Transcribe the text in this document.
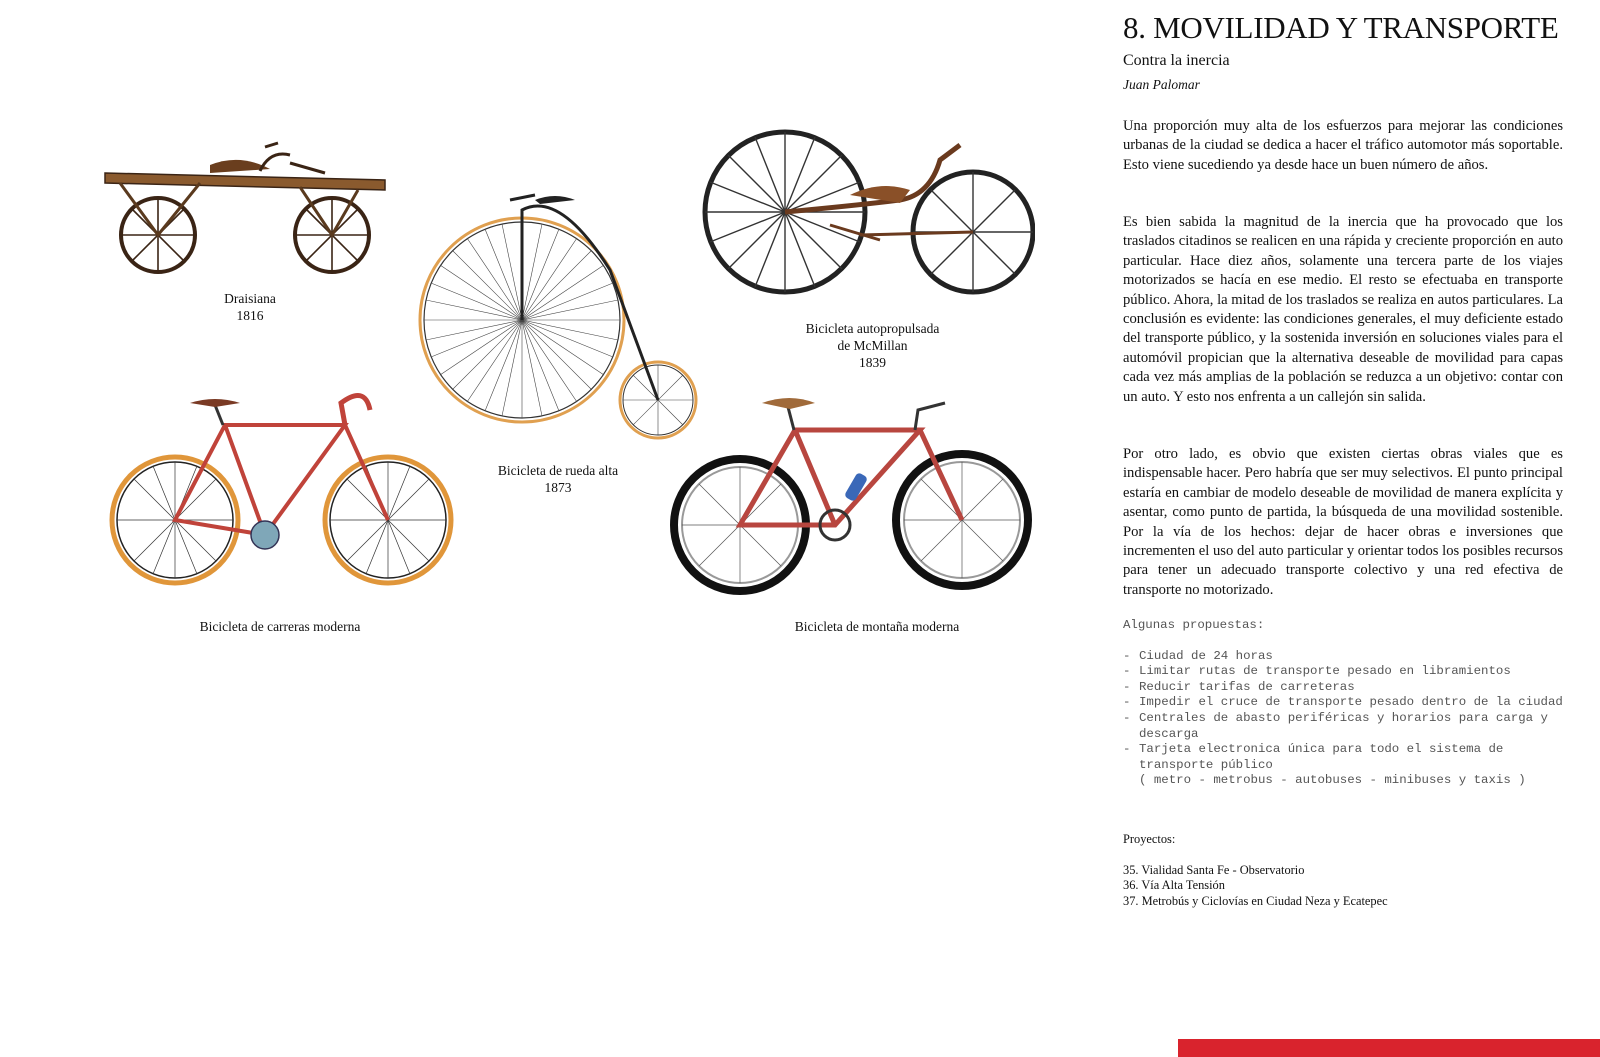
Draisiana
1816
Bicicleta de rueda alta
1873
Bicicleta autopropulsada
de McMillan
1839
Bicicleta de carreras moderna	Bicicleta de montaña moderna
8. MOVILIDAD Y TRANSPORTE
Contra la inercia
Juan Palomar

Una proporción muy alta de los esfuerzos para mejorar las condiciones urbanas de la ciudad se dedica a hacer el tráfico automotor más soportable. Esto viene sucediendo ya desde hace un buen número de años.

Es bien sabida la magnitud de la inercia que ha provocado que los traslados citadinos se realicen en una rápida y creciente proporción en auto particular. Hace diez años, solamente una tercera parte de los viajes motorizados se hacía en ese medio. El resto se efectuaba en transporte público. Ahora, la mitad de los traslados se realiza en autos particulares. La conclusión es evidente: las condiciones generales, el muy deficiente estado del transporte público, y la sostenida inversión en soluciones viales para el automóvil propician que la alternativa deseable de movilidad para capas cada vez más amplias de la población se reduzca a un objetivo: contar con un auto. Y esto nos enfrenta a un callejón sin salida.

Por otro lado, es obvio que existen ciertas obras viales que es indispensable hacer. Pero habría que ser muy selectivos. El punto principal estaría en cambiar de modelo deseable de movilidad de manera explícita y asentar, como punto de partida, la búsqueda de una movilidad sostenible. Por la vía de los hechos: dejar de hacer obras e inversiones que incrementen el uso del auto particular y orientar todos los posibles recursos para tener un adecuado transporte colectivo y una red efectiva de transporte no motorizado.

Algunas propuestas:
- Ciudad de 24 horas
- Limitar rutas de transporte pesado en libramientos
- Reducir tarifas de carreteras
- Impedir el cruce de transporte pesado dentro de la ciudad
- Centrales de abasto periféricas y horarios para carga y descarga
- Tarjeta electronica única para todo el sistema de transporte público
( metro - metrobus - autobuses - minibuses y taxis )
Proyectos:
35. Vialidad Santa Fe - Observatorio
36. Vía Alta Tensión
37. Metrobús y Ciclovías en Ciudad Neza y Ecatepec
